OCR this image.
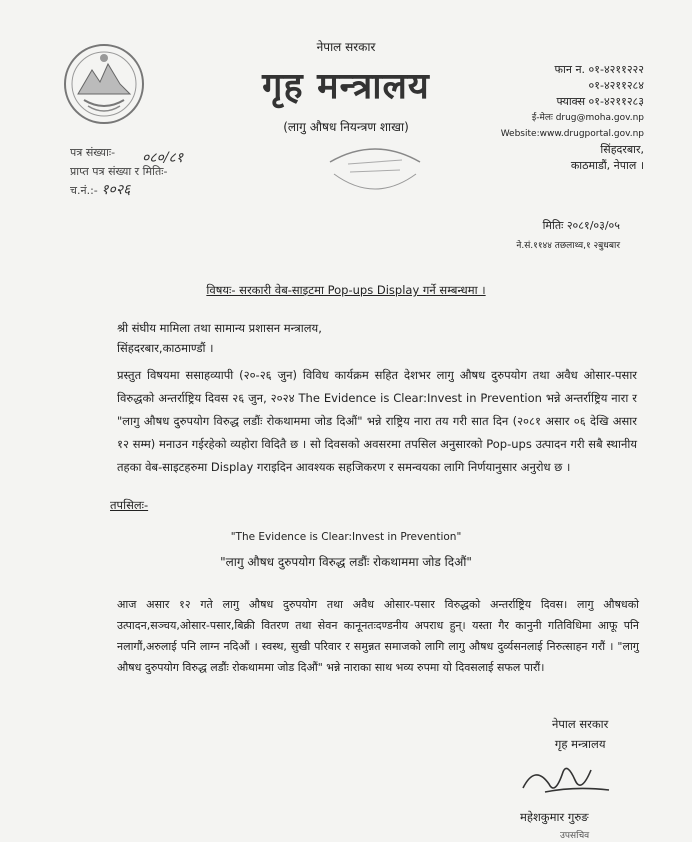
नेपाल सरकार
गृह मन्त्रालय
(लागु औषध नियन्त्रण शाखा)
फान न. ०१-४२११२२२
०१-४२११२८४
फ्याक्स ०१-४२११२८३
ई-मेलः drug@moha.gov.np
Website:www.drugportal.gov.np
सिंहदरबार,
काठमाडौं, नेपाल ।
पत्र संख्याः-
प्राप्त पत्र संख्या र मितिः-
च.नं.:- १०२६
०८०/८१
मितिः २०८१/०३/०५
ने.सं.११४४ तछलाथ्व,१ २बुधबार
विषयः- सरकारी वेब-साइटमा Pop-ups Display गर्ने सम्बन्धमा ।
श्री संघीय मामिला तथा सामान्य प्रशासन मन्त्रालय,
सिंहदरबार,काठमाण्डौं ।
प्रस्तुत विषयमा ससाहव्यापी (२०-२६ जुन) विविध कार्यक्रम सहित देशभर लागु औषध दुरुपयोग तथा अवैध ओसार-पसार विरुद्धको अन्तर्राष्ट्रिय दिवस २६ जुन, २०२४ The Evidence is Clear:Invest in Prevention भन्ने अन्तर्राष्ट्रिय नारा र "लागु औषध दुरुपयोग विरुद्ध लडौंः रोकथाममा जोड दिऔं" भन्ने राष्ट्रिय नारा तय गरी सात दिन (२०८१ असार ०६ देखि असार १२ सम्म) मनाउन गईरहेको व्यहोरा विदितै छ । सो दिवसको अवसरमा तपसिल अनुसारको Pop-ups उत्पादन गरी सबै स्थानीय तहका वेब-साइटहरुमा Display गराइदिन आवश्यक सहजिकरण र समन्वयका लागि निर्णयानुसार अनुरोध छ ।
तपसिलः-
"The Evidence is Clear:Invest in Prevention"
"लागु औषध दुरुपयोग विरुद्ध लडौंः रोकथाममा जोड दिऔं"
आज असार १२ गते लागु औषध दुरुपयोग तथा अवैध ओसार-पसार विरुद्धको अन्तर्राष्ट्रिय दिवस। लागु औषधको उत्पादन,सञ्चय,ओसार-पसार,बिक्री वितरण तथा सेवन कानूनतःदण्डनीय अपराध हुन्। यस्ता गैर कानुनी गतिविधिमा आफू पनि नलागौं,अरुलाई पनि लाग्न नदिऔं । स्वस्थ, सुखी परिवार र समुन्नत समाजको लागि लागु औषध दुर्व्यसनलाई निरुत्साहन गरौं । "लागु औषध दुरुपयोग विरुद्ध लडौंः रोकथाममा जोड दिऔं" भन्ने नाराका साथ भव्य रुपमा यो दिवसलाई सफल पारौं।
नेपाल सरकार
गृह मन्त्रालय
महेशकुमार गुरुङ
उपसचिव
